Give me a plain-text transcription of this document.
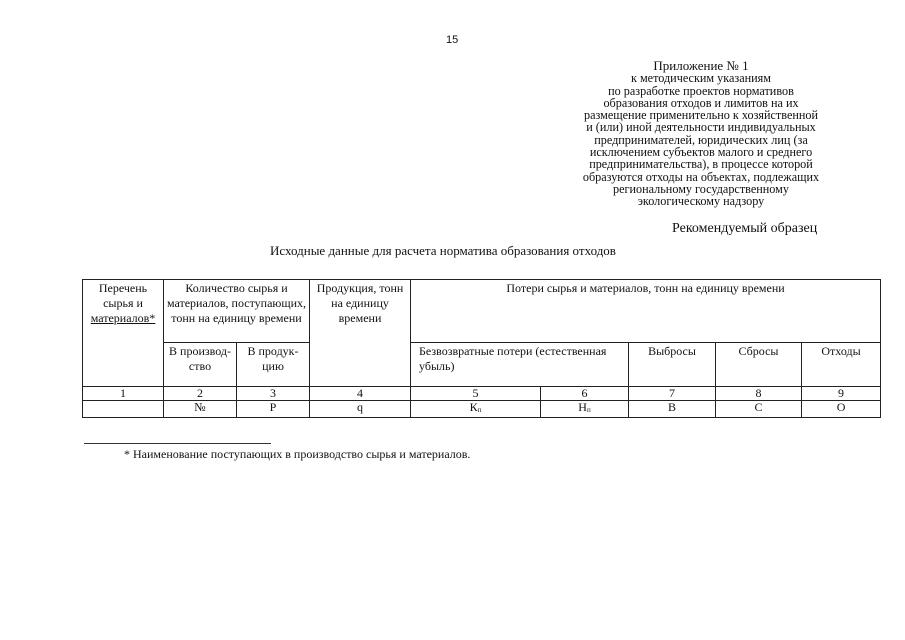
15
Приложение № 1
к методическим указаниям
по разработке проектов нормативов
образования отходов и лимитов на их
размещение применительно к хозяйственной
и (или) иной деятельности индивидуальных
предпринимателей, юридических лиц (за
исключением субъектов малого и среднего
предпринимательства), в процессе которой
образуются отходы на объектах, подлежащих
региональному государственному
экологическому надзору
Рекомендуемый образец
Исходные данные для расчета норматива образования отходов
Перечень сырья и материалов*	Количество сырья и материалов, поступающих, тонн на единицу времени		Продукция, тонн на единицу времени	Потери сырья и материалов, тонн на единицу времени				
	В производ-ство	В продук-цию		Безвозвратные потери (естественная убыль)		Выбросы	Сбросы	Отходы
1	2	3	4	5	6	7	8	9
	№	Р	q	$К_п$	$Н_п$	В	С	О
* Наименование поступающих в производство сырья и материалов.
